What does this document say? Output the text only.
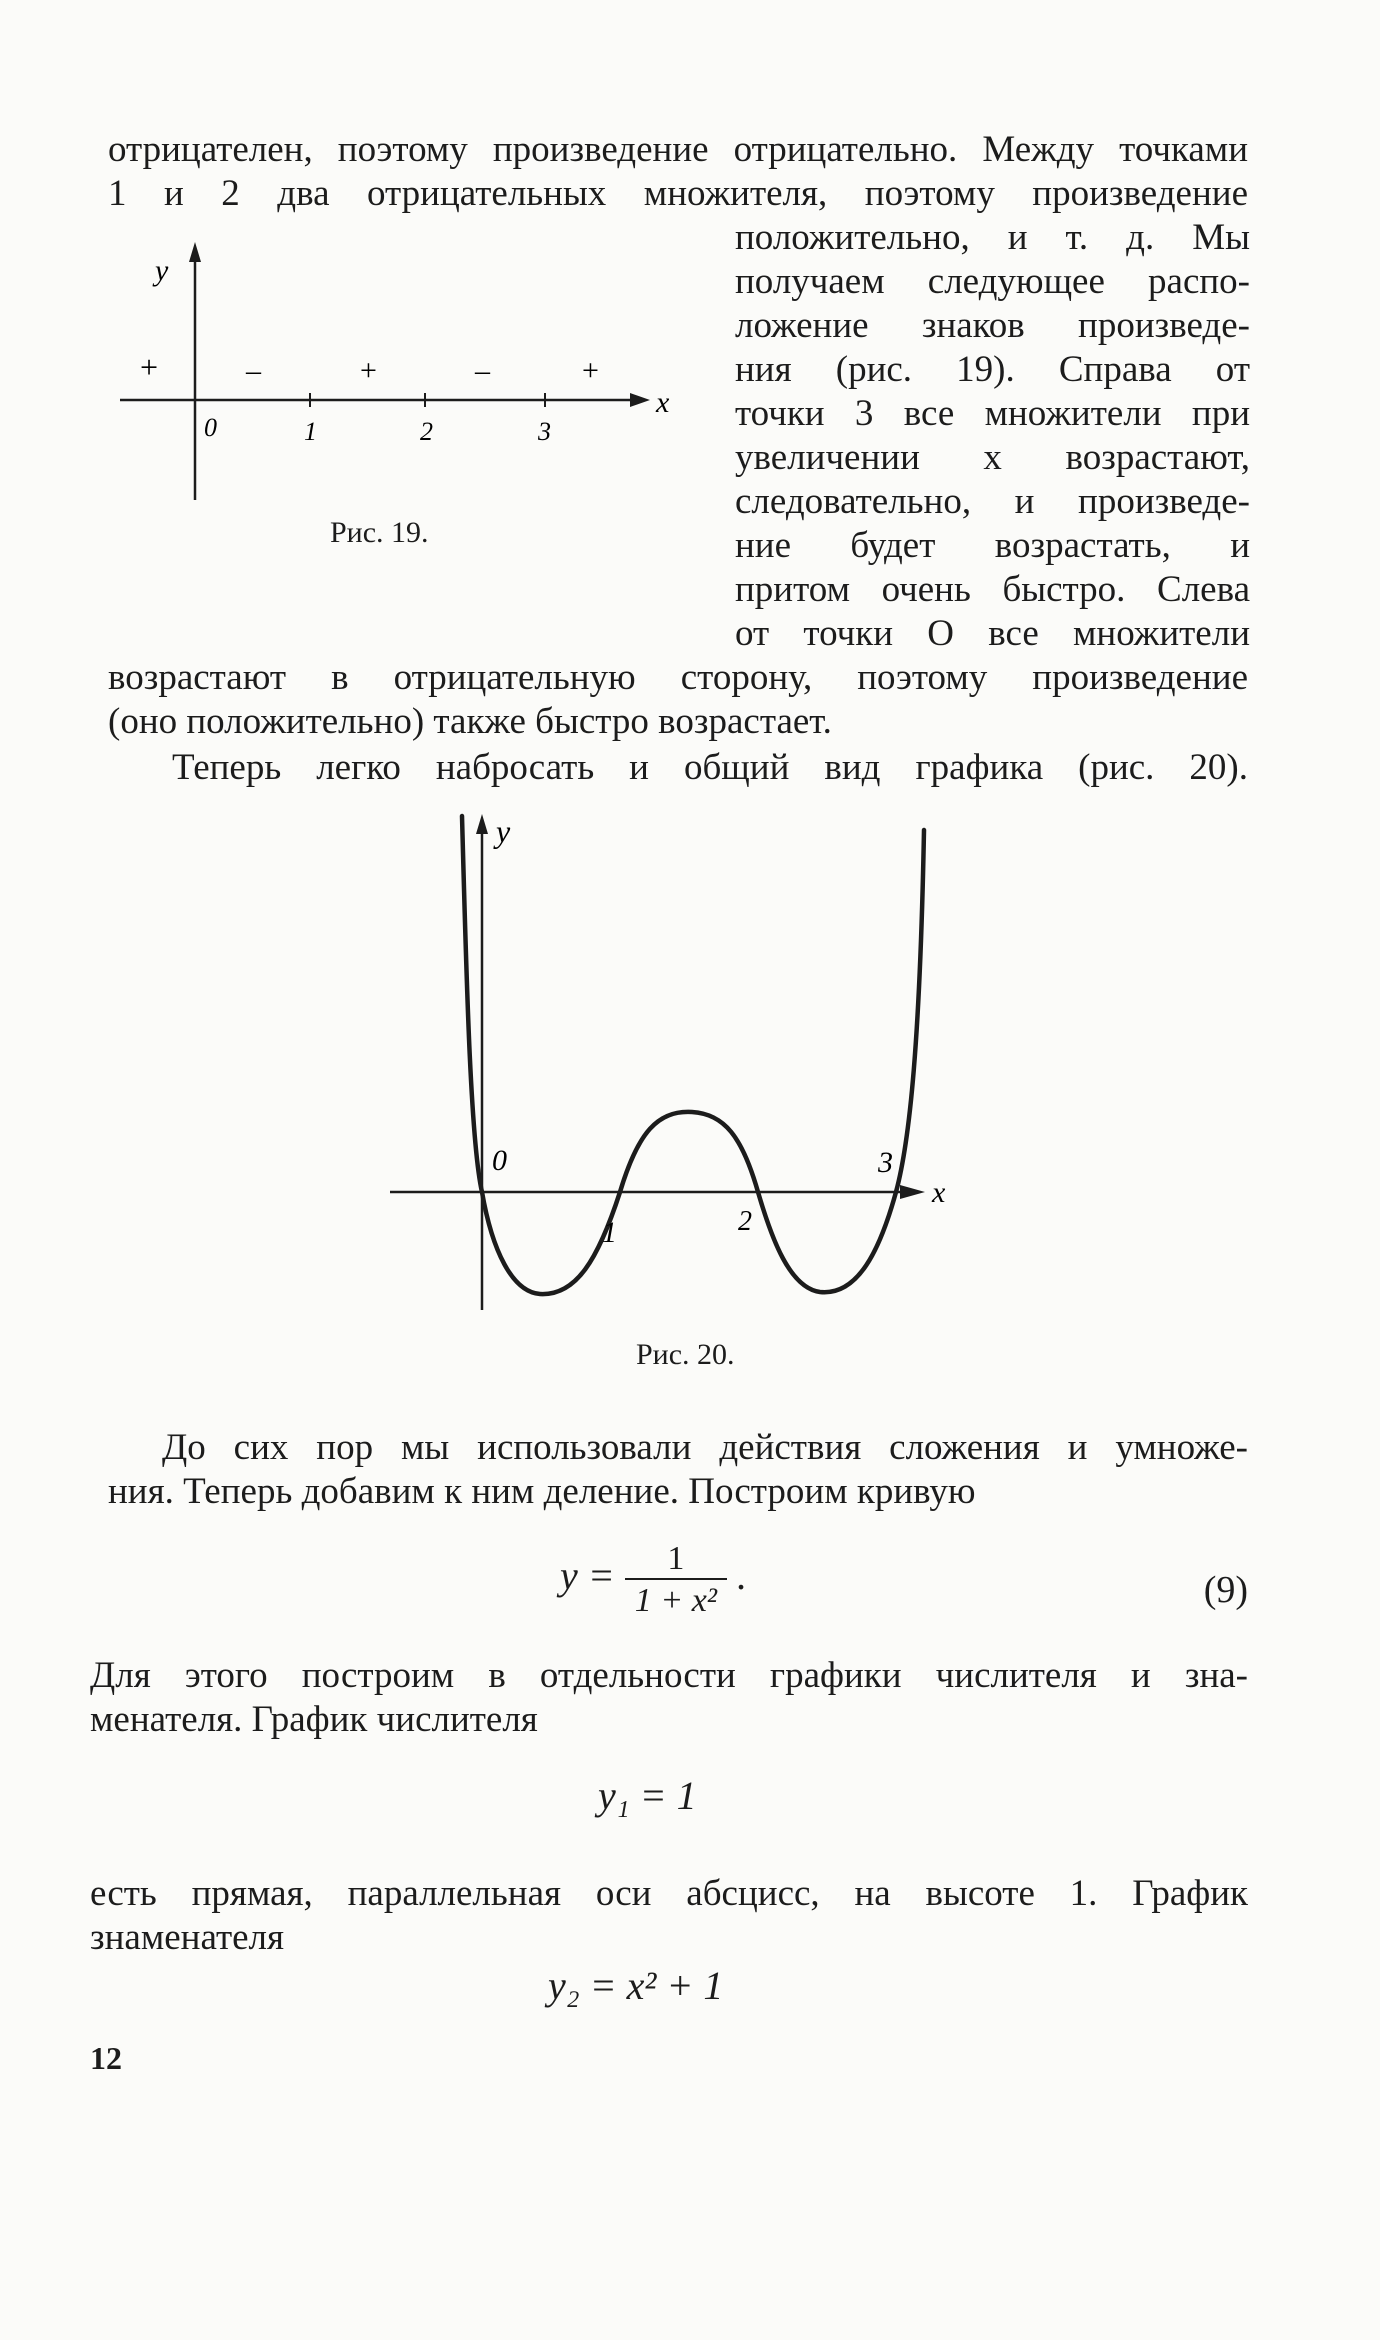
отрицателен, поэтому произведение отрицательно. Между точками
1 и 2 два отрицательных множителя, поэтому произведение
положительно, и т. д. Мы
получаем следующее распо-
ложение знаков произведе-
ния (рис. 19). Справа от
точки 3 все множители при
увеличении x возрастают,
следовательно, и произведе-
ние будет возрастать, и
притом очень быстро. Слева
от точки O все множители
y
x
+	–	+	–	+
0	1	2	3
Рис. 19.
возрастают в отрицательную сторону, поэтому произведение
(оно положительно) также быстро возрастает.
Теперь легко набросать и общий вид графика (рис. 20).
x
y
0
1	2
3
Рис. 20.
До сих пор мы использовали действия сложения и умноже-
ния. Теперь добавим к ним деление. Построим кривую
$y = \frac{1}{\text{1 + x²}}$ .	(9)
Для этого построим в отдельности графики числителя и зна-
менателя. График числителя
y₁ = 1
есть прямая, параллельная оси абсцисс, на высоте 1. График
знаменателя
y₂ = x² + 1
12
